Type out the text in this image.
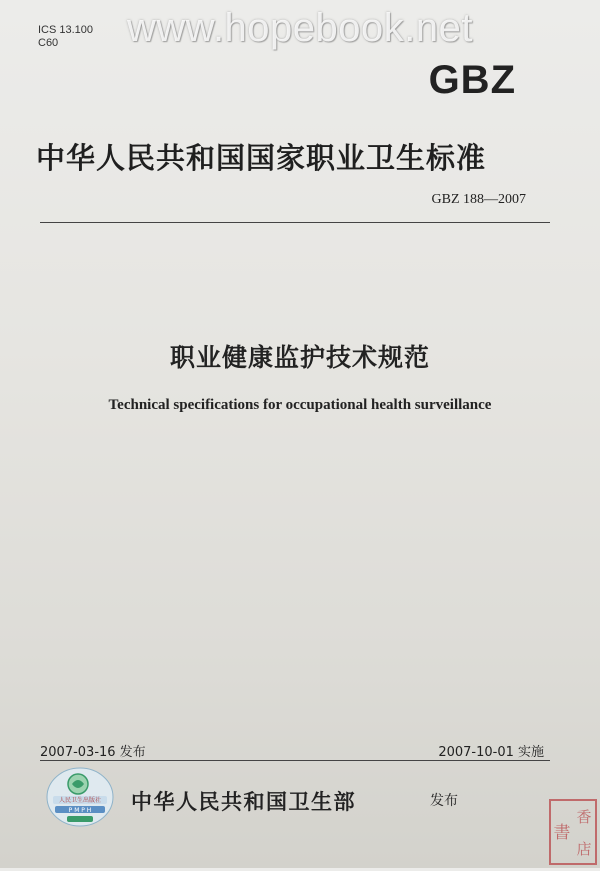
www.hopebook.net
ICS 13.100
C60
GBZ
中华人民共和国国家职业卫生标准
GBZ 188—2007
职业健康监护技术规范
Technical specifications for occupational health surveillance
2007-03-16 发布	2007-10-01 实施
人民卫生出版社
P M P H 中华人民共和国卫生部	发布
書
香
店
